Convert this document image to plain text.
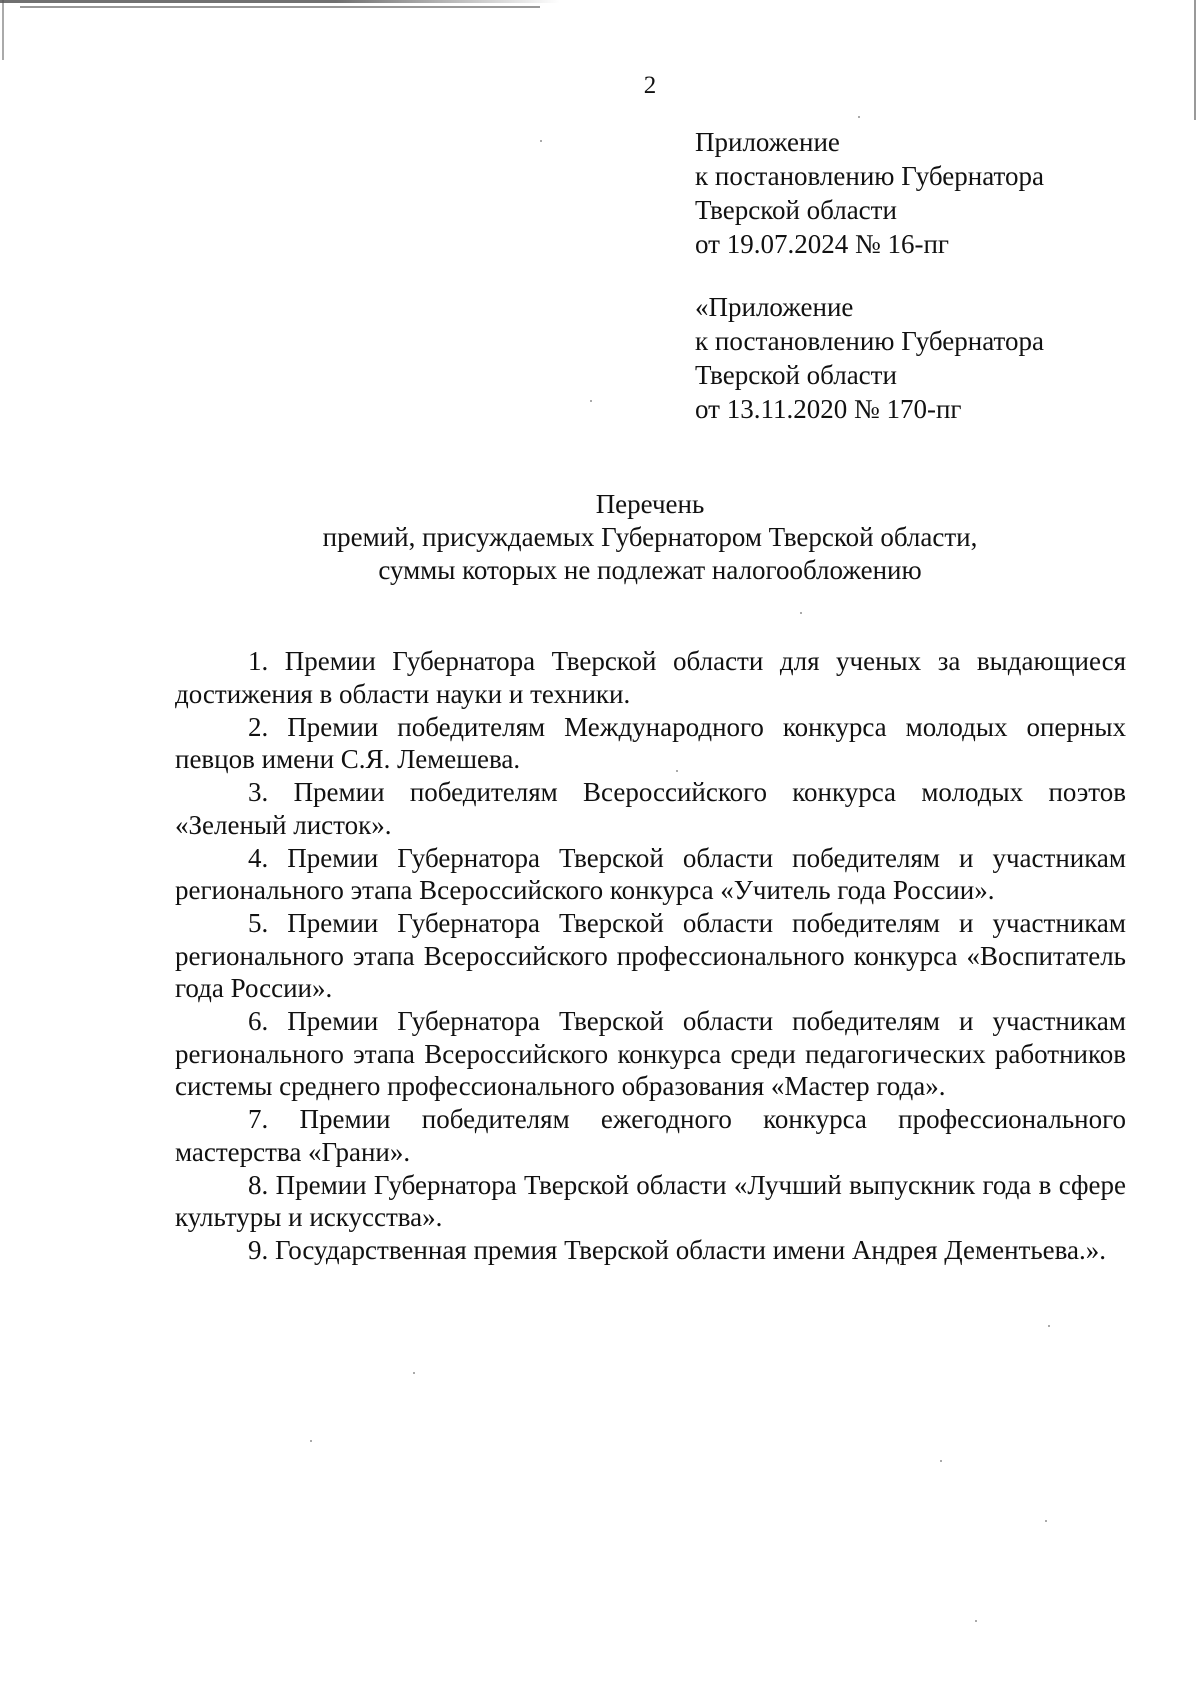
2
Приложение
к постановлению Губернатора
Тверской области
от 19.07.2024 № 16-пг
«Приложение
к постановлению Губернатора
Тверской области
от 13.11.2020 № 170-пг
Перечень
премий, присуждаемых Губернатором Тверской области,
суммы которых не подлежат налогообложению

1. Премии Губернатора Тверской области для ученых за выдающиеся достижения в области науки и техники.

2. Премии победителям Международного конкурса молодых оперных певцов имени С.Я. Лемешева.

3. Премии победителям Всероссийского конкурса молодых поэтов «Зеленый листок».

4. Премии Губернатора Тверской области победителям и участникам регионального этапа Всероссийского конкурса «Учитель года России».

5. Премии Губернатора Тверской области победителям и участникам регионального этапа Всероссийского профессионального конкурса «Воспитатель года России».

6. Премии Губернатора Тверской области победителям и участникам регионального этапа Всероссийского конкурса среди педагогических работников системы среднего профессионального образования «Мастер года».

7. Премии победителям ежегодного конкурса профессионального мастерства «Грани».

8. Премии Губернатора Тверской области «Лучший выпускник года в сфере культуры и искусства».

9. Государственная премия Тверской области имени Андрея Дементьева.».
